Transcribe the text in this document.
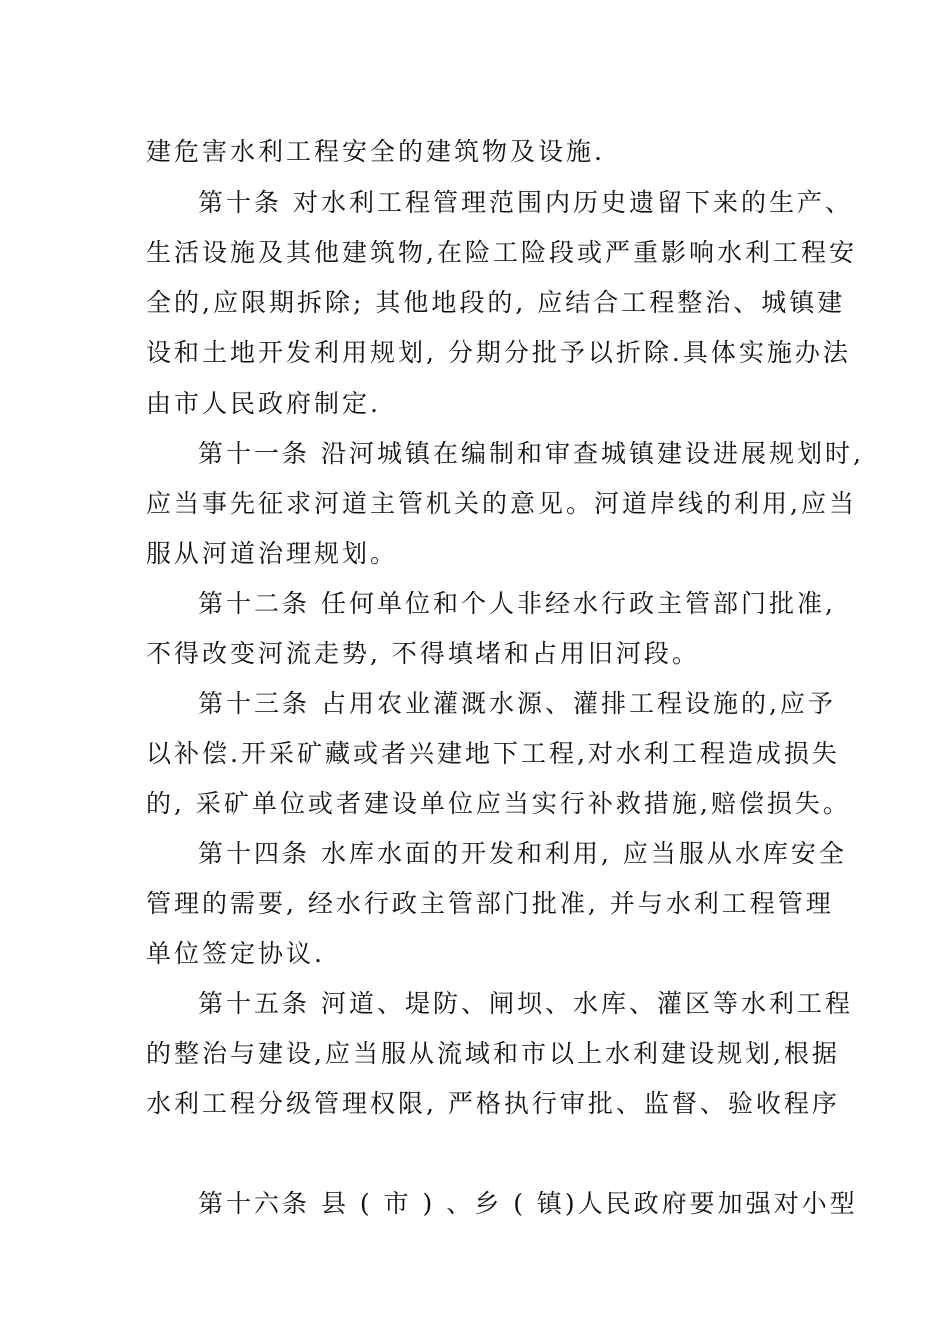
建危害水利工程安全的建筑物及设施.
第十条 对水利工程管理范围内历史遗留下来的生产、
生活设施及其他建筑物,在险工险段或严重影响水利工程安
全的,应限期拆除; 其他地段的, 应结合工程整治、城镇建
设和土地开发利用规划, 分期分批予以折除.具体实施办法
由市人民政府制定.
第十一条 沿河城镇在编制和审查城镇建设进展规划时,
应当事先征求河道主管机关的意见。河道岸线的利用,应当
服从河道治理规划。
第十二条 任何单位和个人非经水行政主管部门批准,
不得改变河流走势, 不得填堵和占用旧河段。
第十三条 占用农业灌溉水源、灌排工程设施的,应予
以补偿.开采矿藏或者兴建地下工程,对水利工程造成损失
的, 采矿单位或者建设单位应当实行补救措施,赔偿损失。
第十四条 水库水面的开发和利用, 应当服从水库安全
管理的需要, 经水行政主管部门批准, 并与水利工程管理
单位签定协议.
第十五条 河道、堤防、闸坝、水库、灌区等水利工程
的整治与建设,应当服从流域和市以上水利建设规划,根据
水利工程分级管理权限, 严格执行审批、监督、验收程序
第十六条 县 ( 市 ) 、乡 ( 镇)人民政府要加强对小型
